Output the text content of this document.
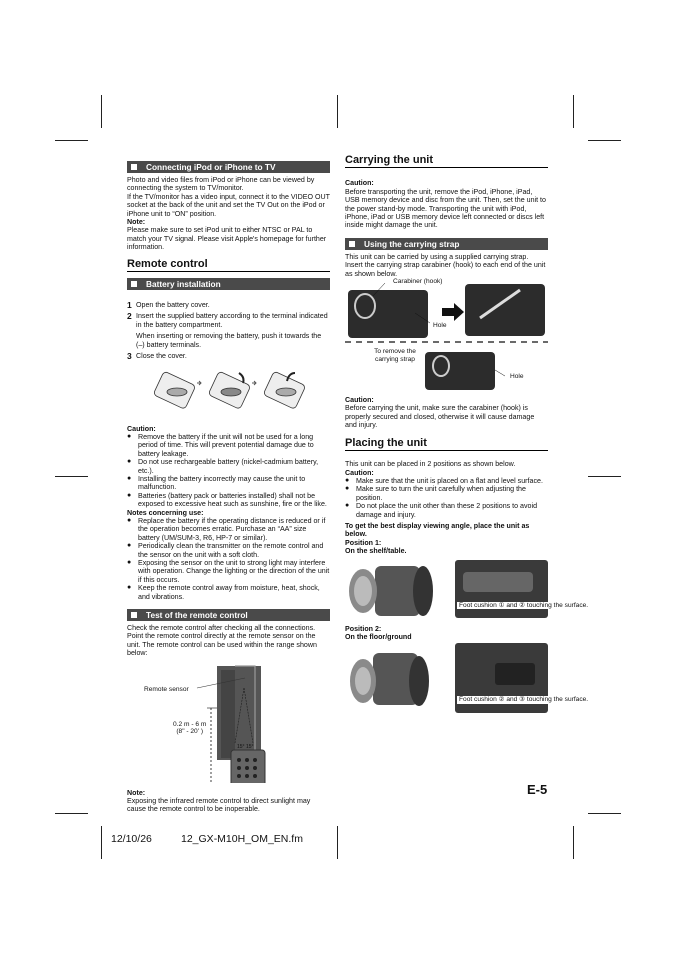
Connecting iPod or iPhone to TV

Photo and video files from iPod or iPhone can be viewed by connecting the system to TV/monitor.

If the TV/monitor has a video input, connect it to the VIDEO OUT socket at the back of the unit and set the TV Out on the iPod or iPhone unit to “ON” position.

Note:

Please make sure to set iPod unit to either NTSC or PAL to match your TV signal. Please visit Apple's homepage for further information.

Remote control
Battery installation
1 Open the battery cover.
2 Insert the supplied battery according to the terminal indicated in the battery compartment.
When inserting or removing the battery, push it towards the (–) battery terminals.
3 Close the cover.

Caution:

● Remove the battery if the unit will not be used for a long period of time. This will prevent potential damage due to battery leakage.
● Do not use rechargeable battery (nickel-cadmium battery, etc.).
● Installing the battery incorrectly may cause the unit to malfunction.
● Batteries (battery pack or batteries installed) shall not be exposed to excessive heat such as sunshine, fire or the like.

Notes concerning use:

● Replace the battery if the operating distance is reduced or if the operation becomes erratic. Purchase an “AA” size battery (UM/SUM-3, R6, HP-7 or similar).
● Periodically clean the transmitter on the remote control and the sensor on the unit with a soft cloth.
● Exposing the sensor on the unit to strong light may interfere with operation. Change the lighting or the direction of the unit if this occurs.
● Keep the remote control away from moisture, heat, shock, and vibrations.
Test of the remote control

Check the remote control after checking all the connections. Point the remote control directly at the remote sensor on the unit. The remote control can be used within the range shown below:

Remote sensor
0.2 m - 6 m
(8" - 20' )
15° 15°

Note:

Exposing the infrared remote control to direct sunlight may cause the remote control to be inoperable.

Carrying the unit

Caution:

Before transporting the unit, remove the iPod, iPhone, iPad, USB memory device and disc from the unit. Then, set the unit to the power stand-by mode. Transporting the unit with iPod, iPhone, iPad or USB memory device left connected or discs left inside might damage the unit.

Using the carrying strap

This unit can be carried by using a supplied carrying strap. Insert the carrying strap carabiner (hook) to each end of the unit as shown below.

Carabiner (hook)
Hole
To remove the carrying strap
Hole

Caution:

Before carrying the unit, make sure the carabiner (hook) is properly secured and closed, otherwise it will cause damage and injury.

Placing the unit

This unit can be placed in 2 positions as shown below.

Caution:

● Make sure that the unit is placed on a flat and level surface.
● Make sure to turn the unit carefully when adjusting the position.
● Do not place the unit other than these 2 positions to avoid damage and injury.

To get the best display viewing angle, place the unit as below.

Position 1:

On the shelf/table.

Foot cushion ① and ② touching the surface.

Position 2:

On the floor/ground

Foot cushion ② and ③ touching the surface.
E-5
12/10/26	12_GX-M10H_OM_EN.fm
